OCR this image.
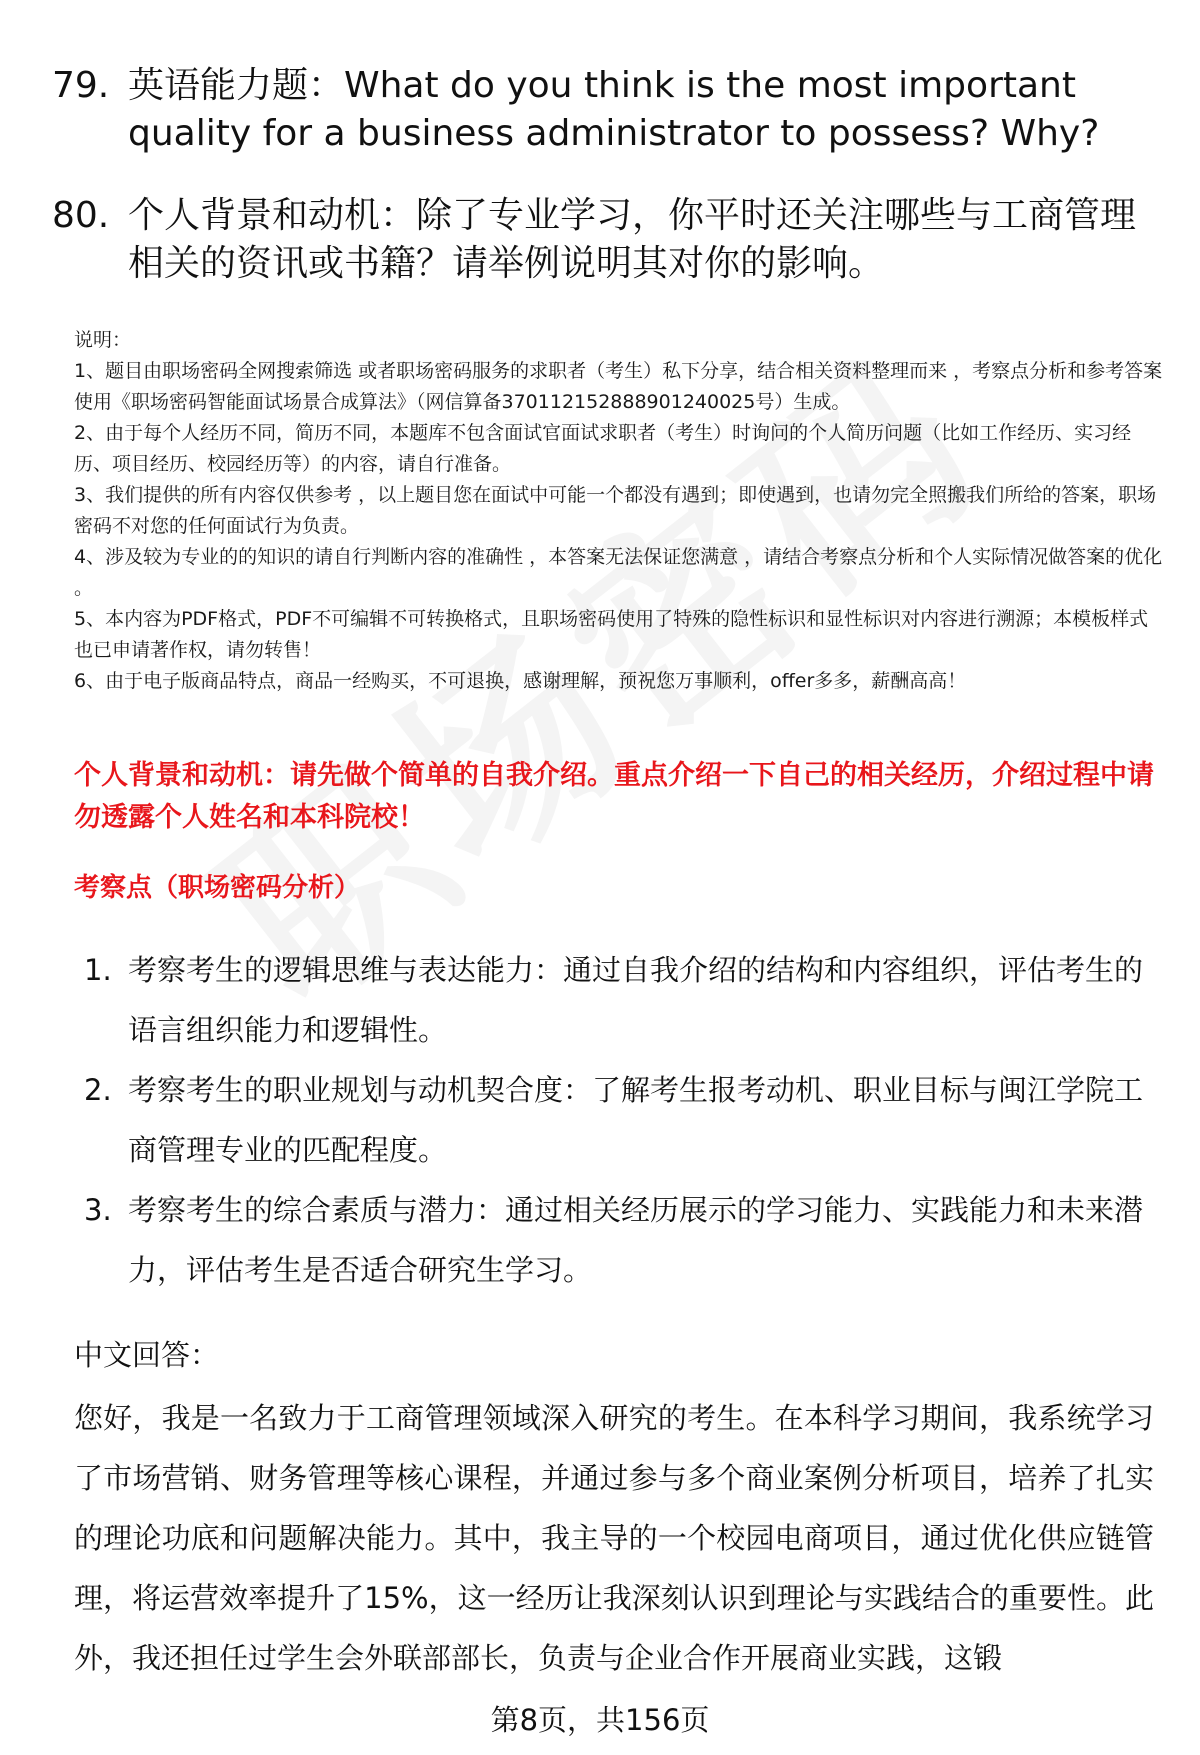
79. 英语能力题：What do you think is the most important quality for a business administrator to possess? Why?
80. 个人背景和动机：除了专业学习，你平时还关注哪些与工商管理相关的资讯或书籍？请举例说明其对你的影响。

说明：

1、题目由职场密码全网搜索筛选 或者职场密码服务的求职者（考生）私下分享，结合相关资料整理而来 ，考察点分析和参考答案使用《职场密码智能面试场景合成算法》（网信算备370112152888901240025号）生成。

2、由于每个人经历不同，简历不同，本题库不包含面试官面试求职者（考生）时询问的个人简历问题（比如工作经历、实习经历、项目经历、校园经历等）的内容，请自行准备。

3、我们提供的所有内容仅供参考 ，以上题目您在面试中可能一个都没有遇到；即使遇到，也请勿完全照搬我们所给的答案，职场密码不对您的任何面试行为负责。

4、涉及较为专业的的知识的请自行判断内容的准确性 ，本答案无法保证您满意 ，请结合考察点分析和个人实际情况做答案的优化 。

5、本内容为PDF格式，PDF不可编辑不可转换格式，且职场密码使用了特殊的隐性标识和显性标识对内容进行溯源；本模板样式也已申请著作权，请勿转售！

6、由于电子版商品特点，商品一经购买，不可退换，感谢理解，预祝您万事顺利，offer多多，薪酬高高！

个人背景和动机：请先做个简单的自我介绍。重点介绍一下自己的相关经历，介绍过程中请勿透露个人姓名和本科院校！
考察点（职场密码分析）
1. 考察考生的逻辑思维与表达能力：通过自我介绍的结构和内容组织，评估考生的语言组织能力和逻辑性。
2. 考察考生的职业规划与动机契合度：了解考生报考动机、职业目标与闽江学院工商管理专业的匹配程度。
3. 考察考生的综合素质与潜力：通过相关经历展示的学习能力、实践能力和未来潜力，评估考生是否适合研究生学习。
中文回答：
您好，我是一名致力于工商管理领域深入研究的考生。在本科学习期间，我系统学习了市场营销、财务管理等核心课程，并通过参与多个商业案例分析项目，培养了扎实的理论功底和问题解决能力。其中，我主导的一个校园电商项目，通过优化供应链管理，将运营效率提升了15%，这一经历让我深刻认识到理论与实践结合的重要性。此外，我还担任过学生会外联部部长，负责与企业合作开展商业实践，这锻
第8页，共156页
